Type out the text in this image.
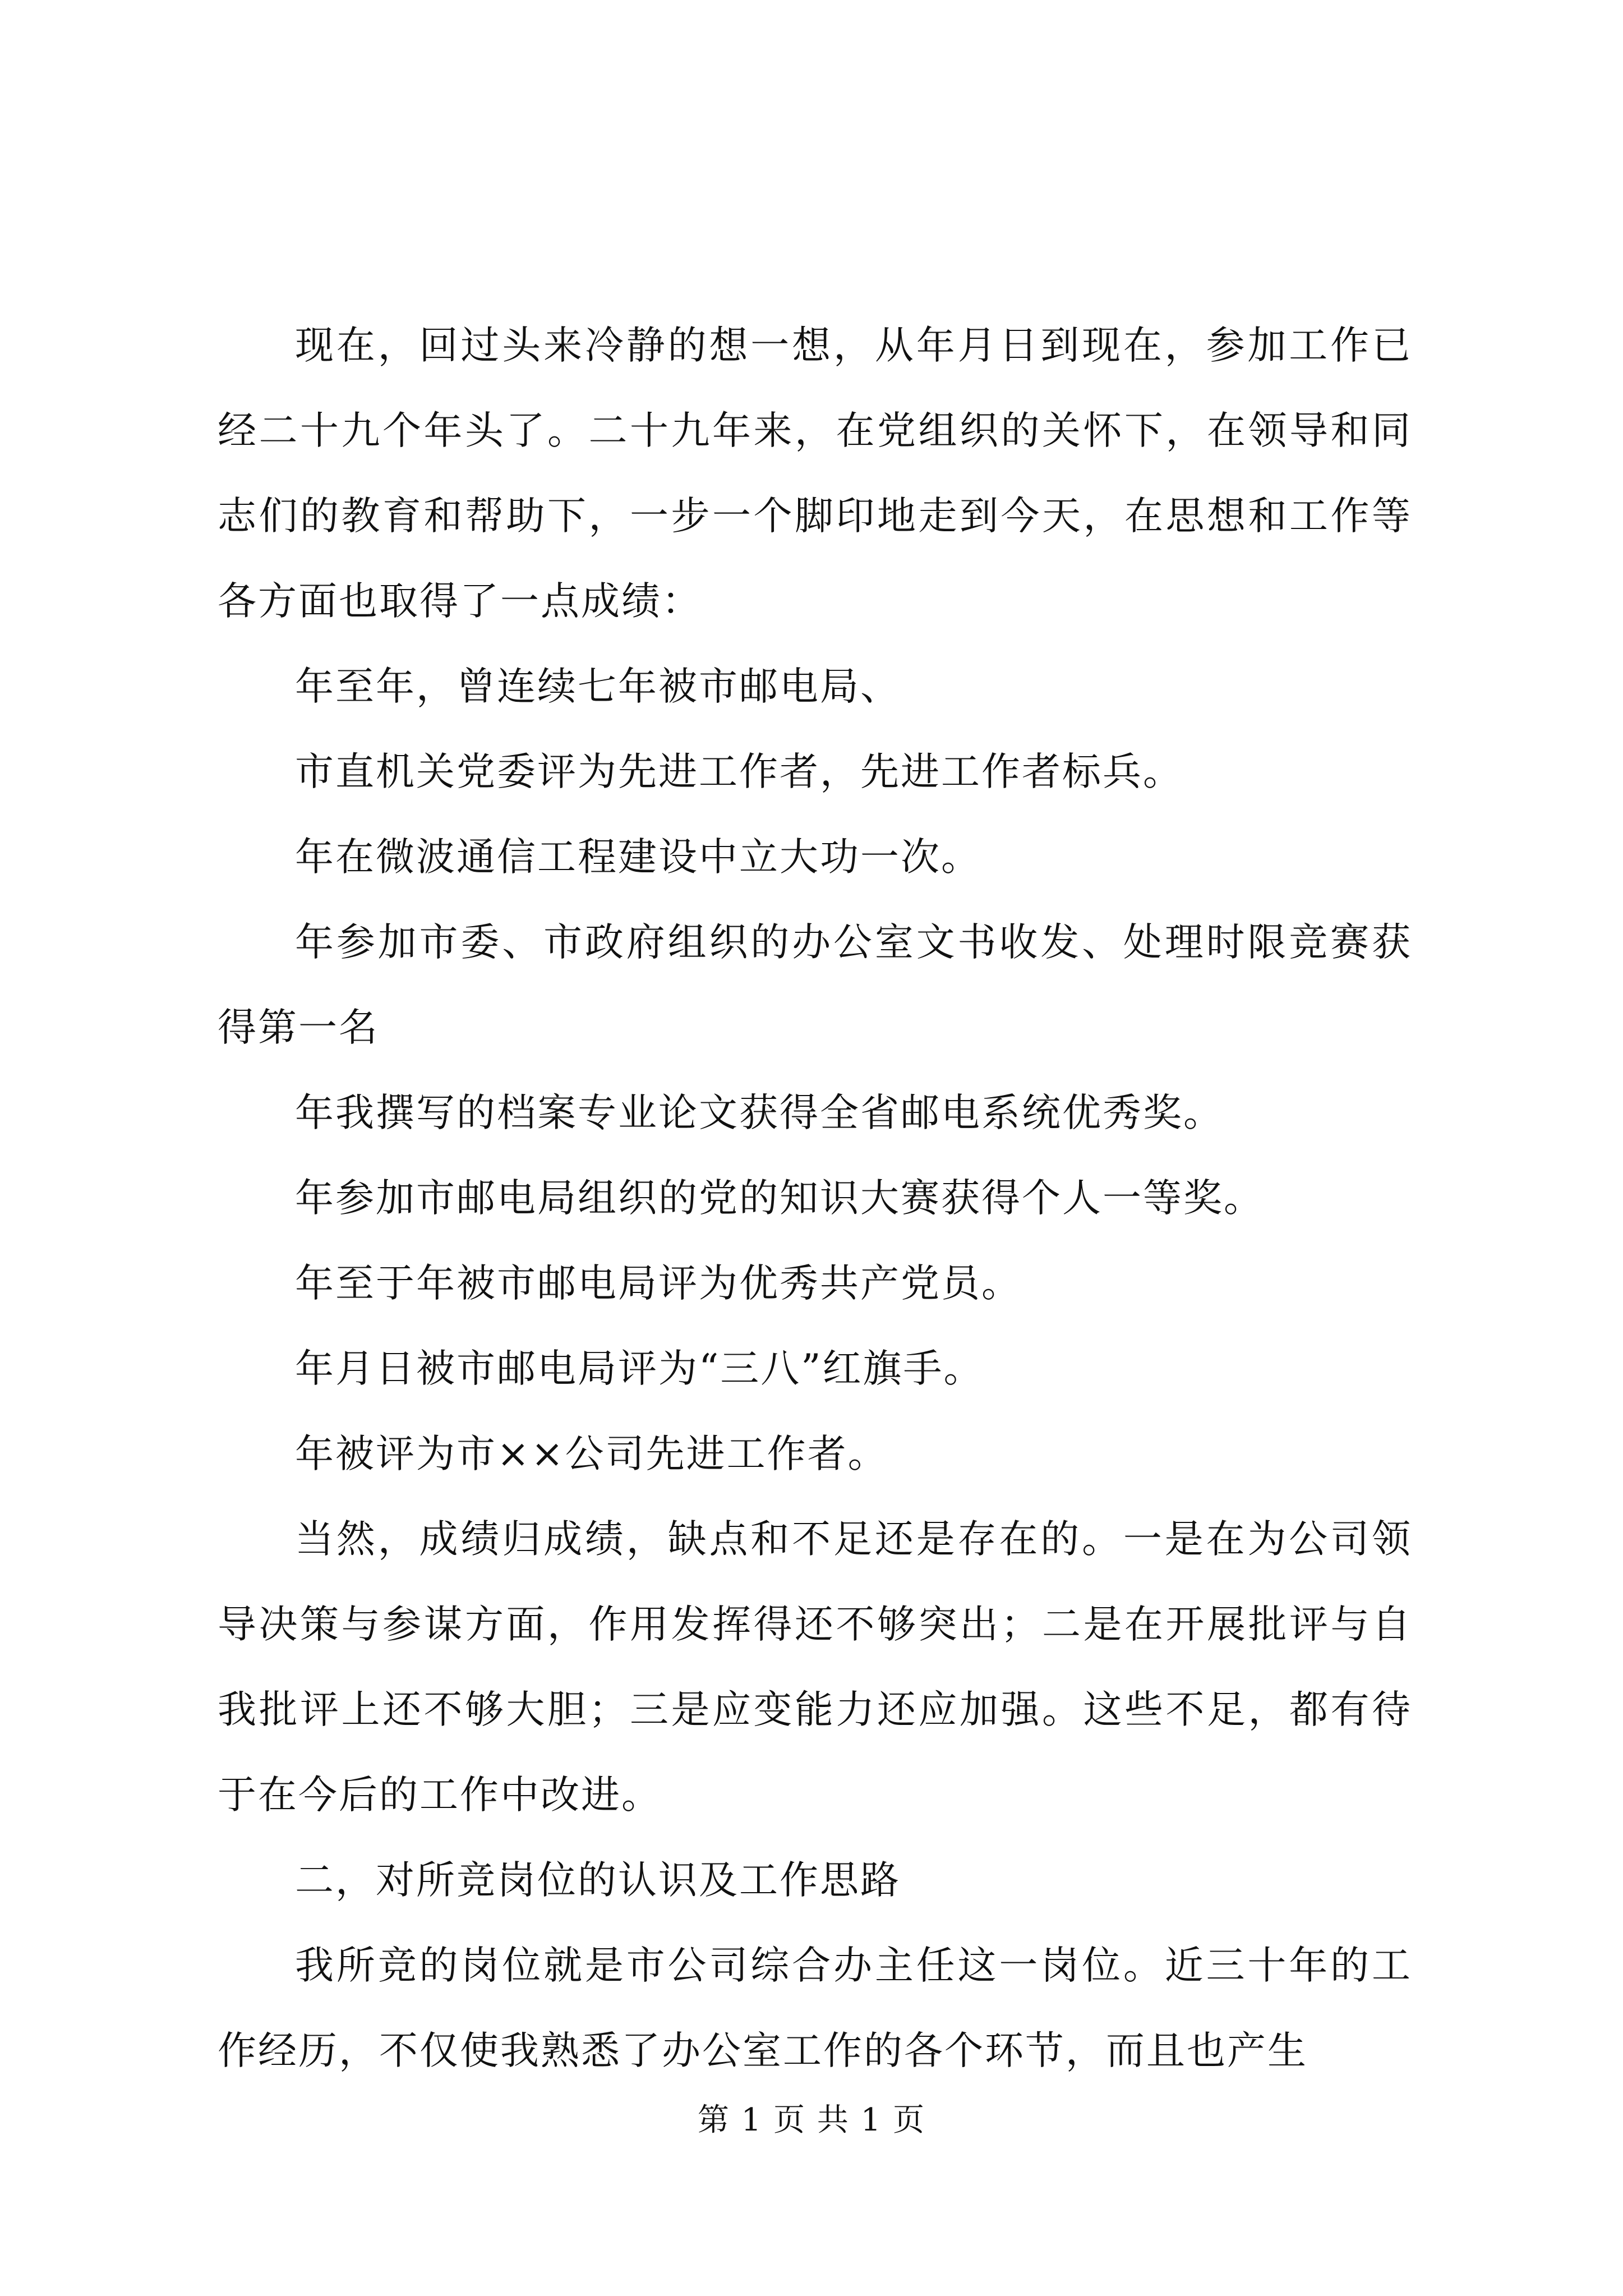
现在，回过头来冷静的想一想，从年月日到现在，参加工作已经二十九个年头了。二十九年来，在党组织的关怀下，在领导和同志们的教育和帮助下，一步一个脚印地走到今天，在思想和工作等各方面也取得了一点成绩：

年至年，曾连续七年被市邮电局、

市直机关党委评为先进工作者，先进工作者标兵。

年在微波通信工程建设中立大功一次。

年参加市委、市政府组织的办公室文书收发、处理时限竞赛获得第一名

年我撰写的档案专业论文获得全省邮电系统优秀奖。

年参加市邮电局组织的党的知识大赛获得个人一等奖。

年至于年被市邮电局评为优秀共产党员。

年月日被市邮电局评为“三八”红旗手。

年被评为市××公司先进工作者。

当然，成绩归成绩，缺点和不足还是存在的。一是在为公司领导决策与参谋方面，作用发挥得还不够突出；二是在开展批评与自我批评上还不够大胆；三是应变能力还应加强。这些不足，都有待于在今后的工作中改进。

二，对所竞岗位的认识及工作思路

我所竞的岗位就是市公司综合办主任这一岗位。近三十年的工作经历，不仅使我熟悉了办公室工作的各个环节，而且也产生

第 1 页 共 1 页
